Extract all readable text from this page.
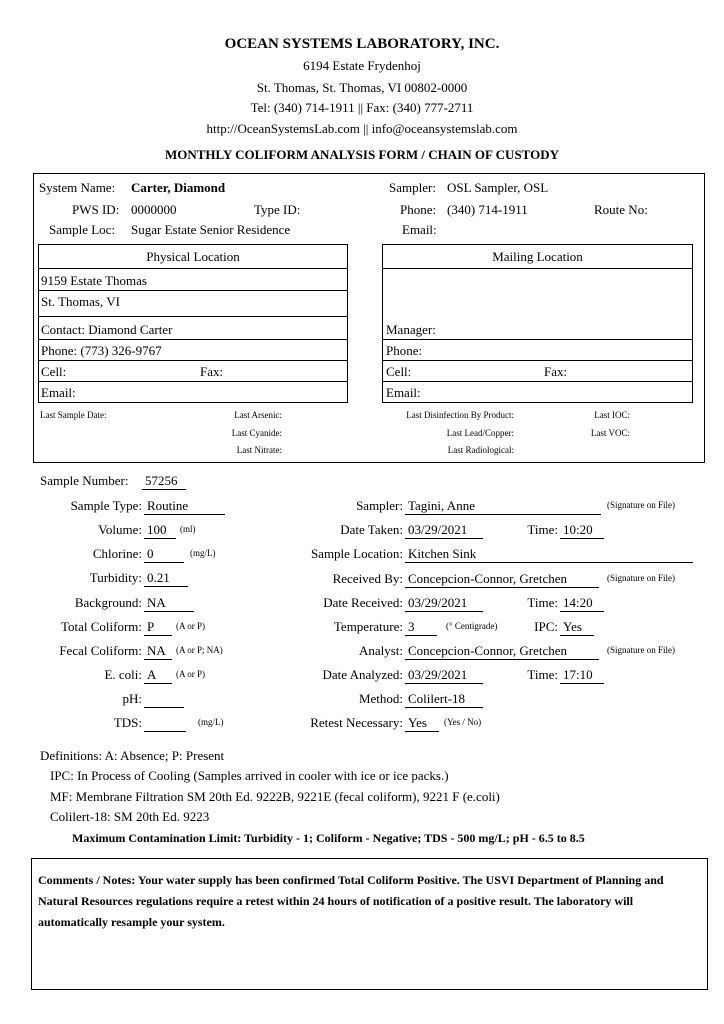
OCEAN SYSTEMS LABORATORY, INC.
6194 Estate Frydenhoj
St. Thomas, St. Thomas, VI 00802-0000
Tel: (340) 714-1911 || Fax: (340) 777-2711
http://OceanSystemsLab.com || info@oceansystemslab.com
MONTHLY COLIFORM ANALYSIS FORM / CHAIN OF CUSTODY
System Name: Carter, Diamond
PWS ID: 0000000	Type ID:
Sample Loc: Sugar Estate Senior Residence
Sampler: OSL Sampler, OSL
Phone: (340) 714-1911	Route No:
Email:
Physical Location
9159 Estate Thomas
St. Thomas, VI
Contact: Diamond Carter
Phone: (773) 326-9767
Cell:	Fax:
Email:
Mailing Location
Manager:
Phone:
Cell:	Fax:
Email:
Last Sample Date:	Last Arsenic:
Last Cyanide:
Last Nitrate:
Last Disinfection By Product:
Last Lead/Copper:
Last Radiological:
Last IOC:
Last VOC:
Sample Number: 57256
Sample Type: Routine
Volume: 100	(ml)
Chlorine: 0	(mg/L)
Turbidity: 0.21
Background: NA
Total Coliform: P	(A or P)
Fecal Coliform: NA	(A or P; NA)
E. coli: A	(A or P)
pH:
TDS:	(mg/L)
Sampler: Tagini, Anne	(Signature on File)
Date Taken: 03/29/2021	Time: 10:20
Sample Location: Kitchen Sink
Received By: Concepcion-Connor, Gretchen	(Signature on File)
Date Received: 03/29/2021	Time: 14:20
Temperature: 3	(° Centigrade)	IPC: Yes
Analyst: Concepcion-Connor, Gretchen	(Signature on File)
Date Analyzed: 03/29/2021	Time: 17:10
Method: Colilert-18
Retest Necessary: Yes	(Yes / No)
Definitions: A: Absence; P: Present
IPC: In Process of Cooling (Samples arrived in cooler with ice or ice packs.)
MF: Membrane Filtration SM 20th Ed. 9222B, 9221E (fecal coliform), 9221 F (e.coli)
Colilert-18: SM 20th Ed. 9223
Maximum Contamination Limit: Turbidity - 1; Coliform - Negative; TDS - 500 mg/L; pH - 6.5 to 8.5
Comments / Notes: Your water supply has been confirmed Total Coliform Positive. The USVI Department of Planning and Natural Resources regulations require a retest within 24 hours of notification of a positive result. The laboratory will automatically resample your system.
